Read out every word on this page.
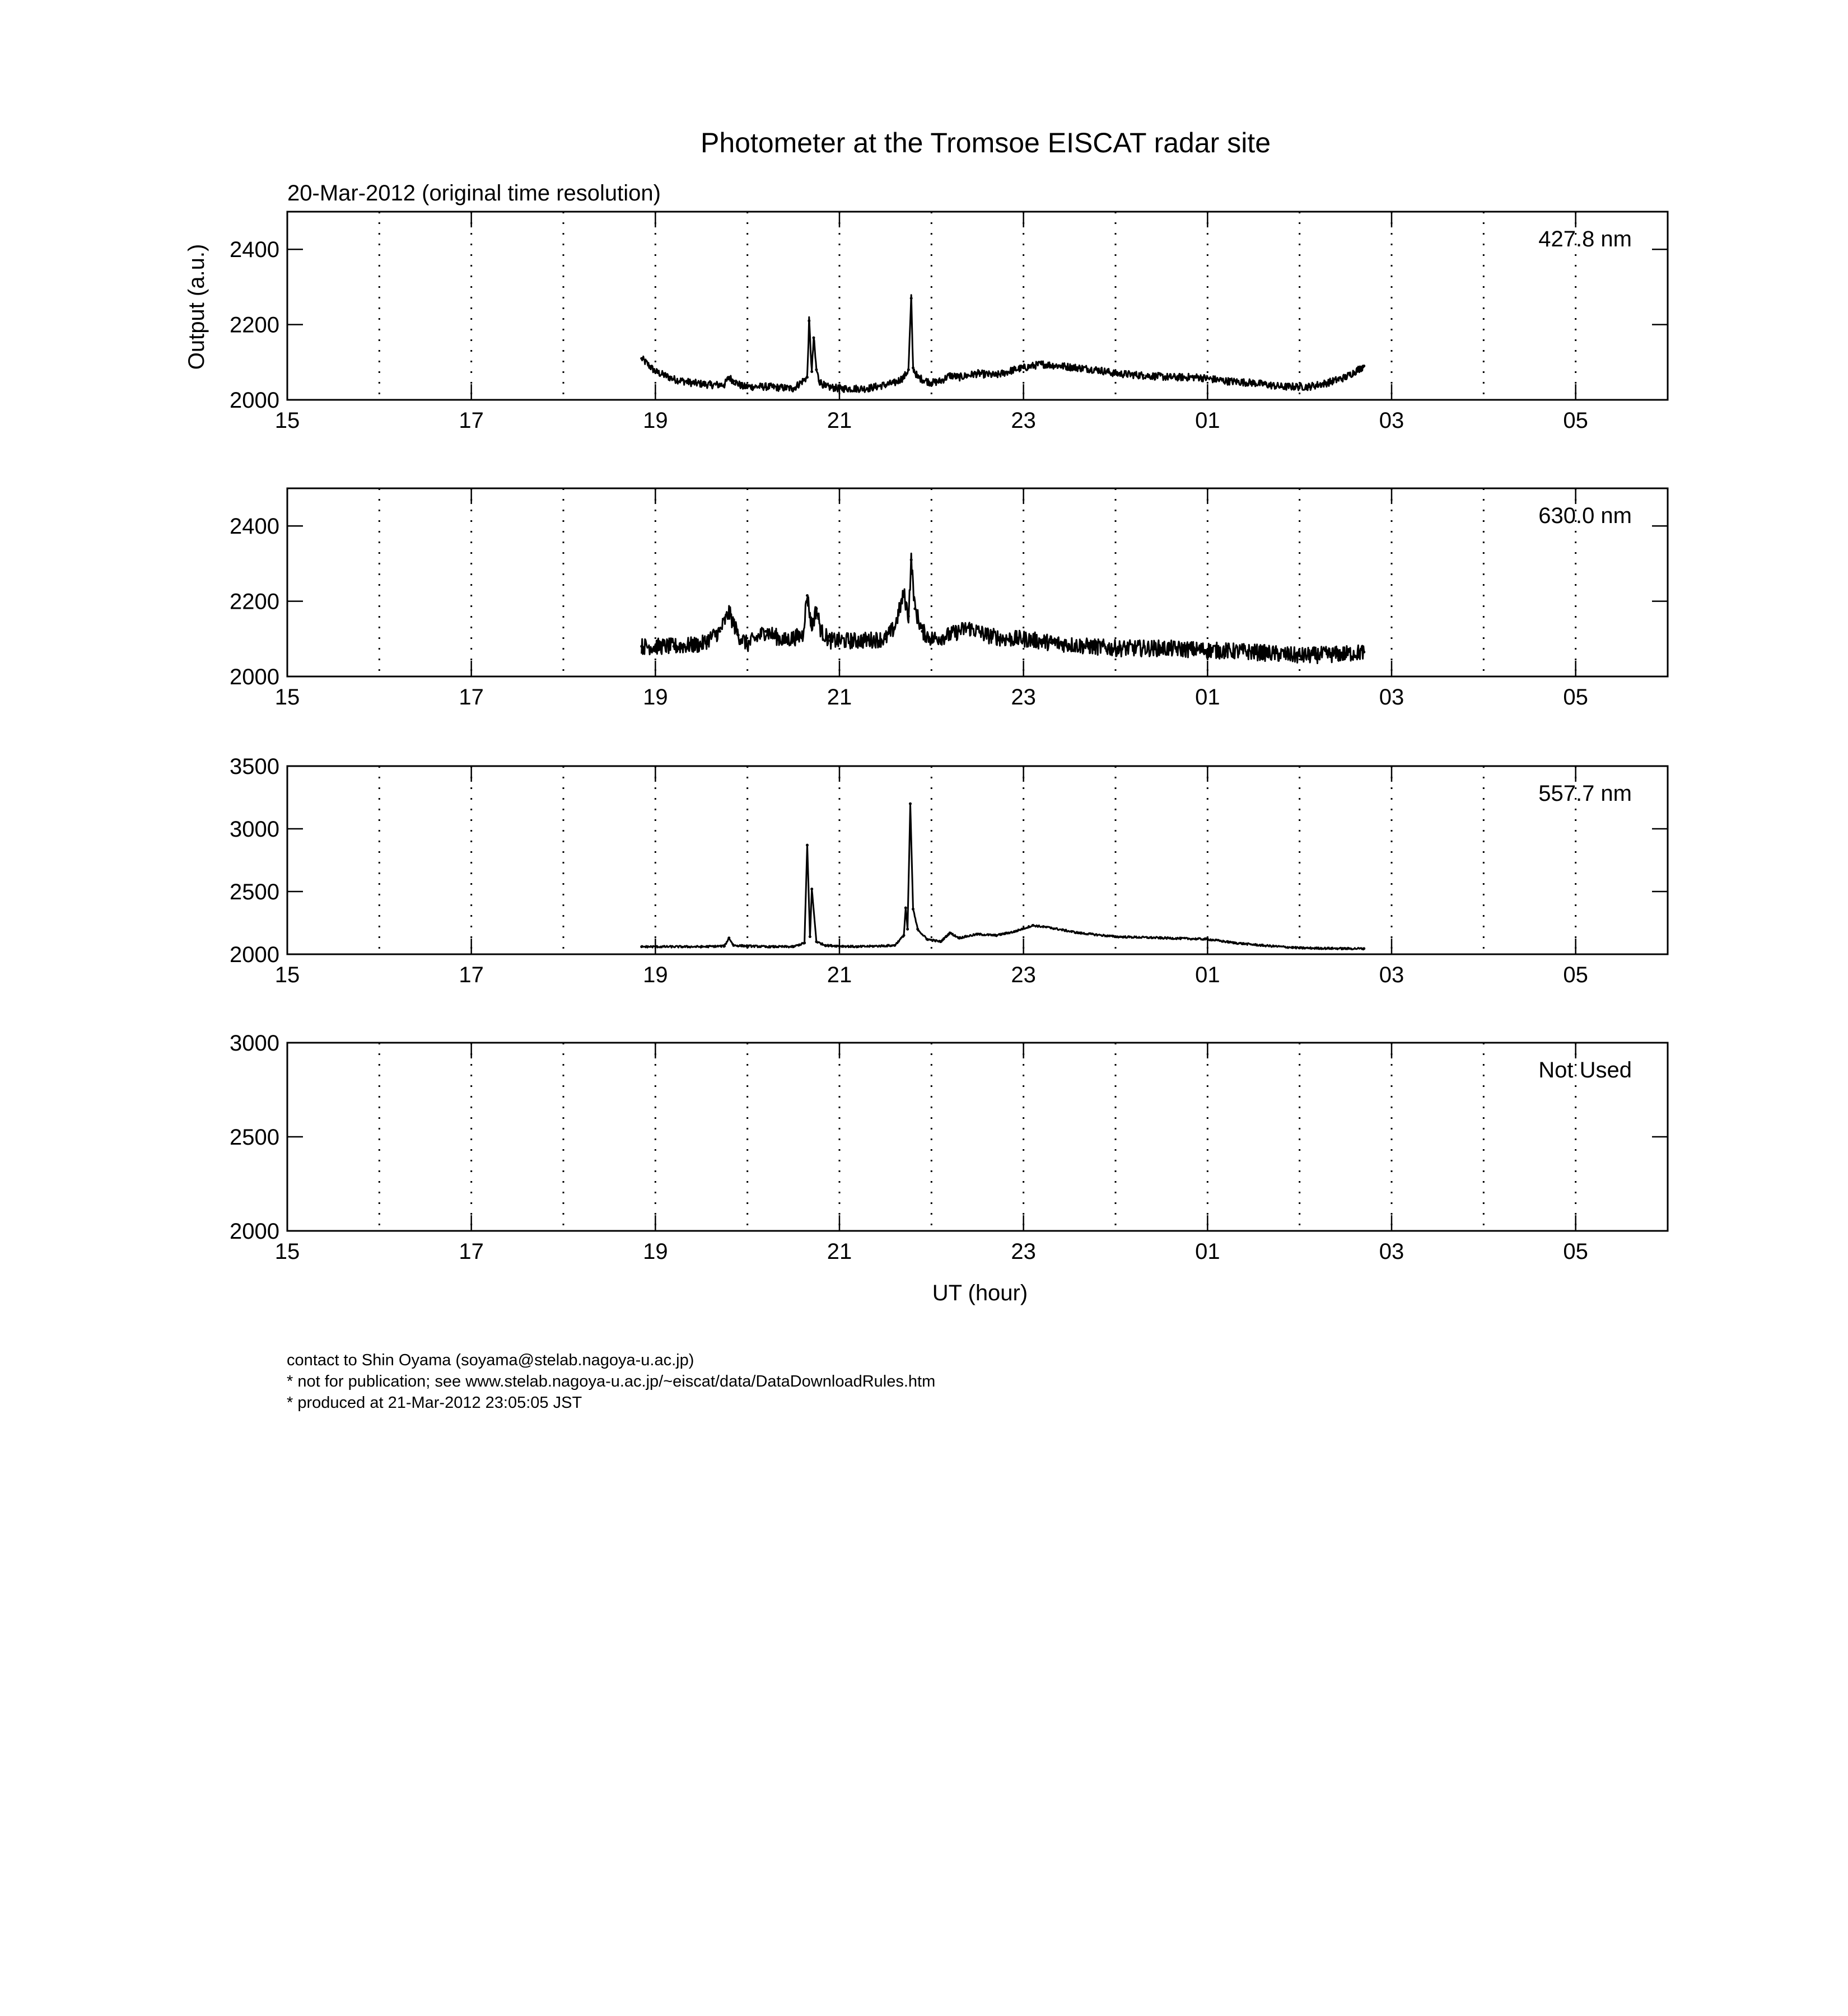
Photometer at the Tromsoe EISCAT radar site
20-Mar-2012 (original time resolution)
Output (a.u.)
UT (hour)
15	17	19	21	23	01	03	05
2000
2200
2400	427.8 nm
15	17	19	21	23	01	03	05
2000
2200
2400	630.0 nm
15	17	19	21	23	01	03	05
2000
2500
3000
3500
557.7 nm
15	17	19	21	23	01	03	05
2000
2500
3000
Not Used
contact to Shin Oyama (soyama@stelab.nagoya-u.ac.jp)
* not for publication; see www.stelab.nagoya-u.ac.jp/~eiscat/data/DataDownloadRules.htm
* produced at 21-Mar-2012 23:05:05 JST
